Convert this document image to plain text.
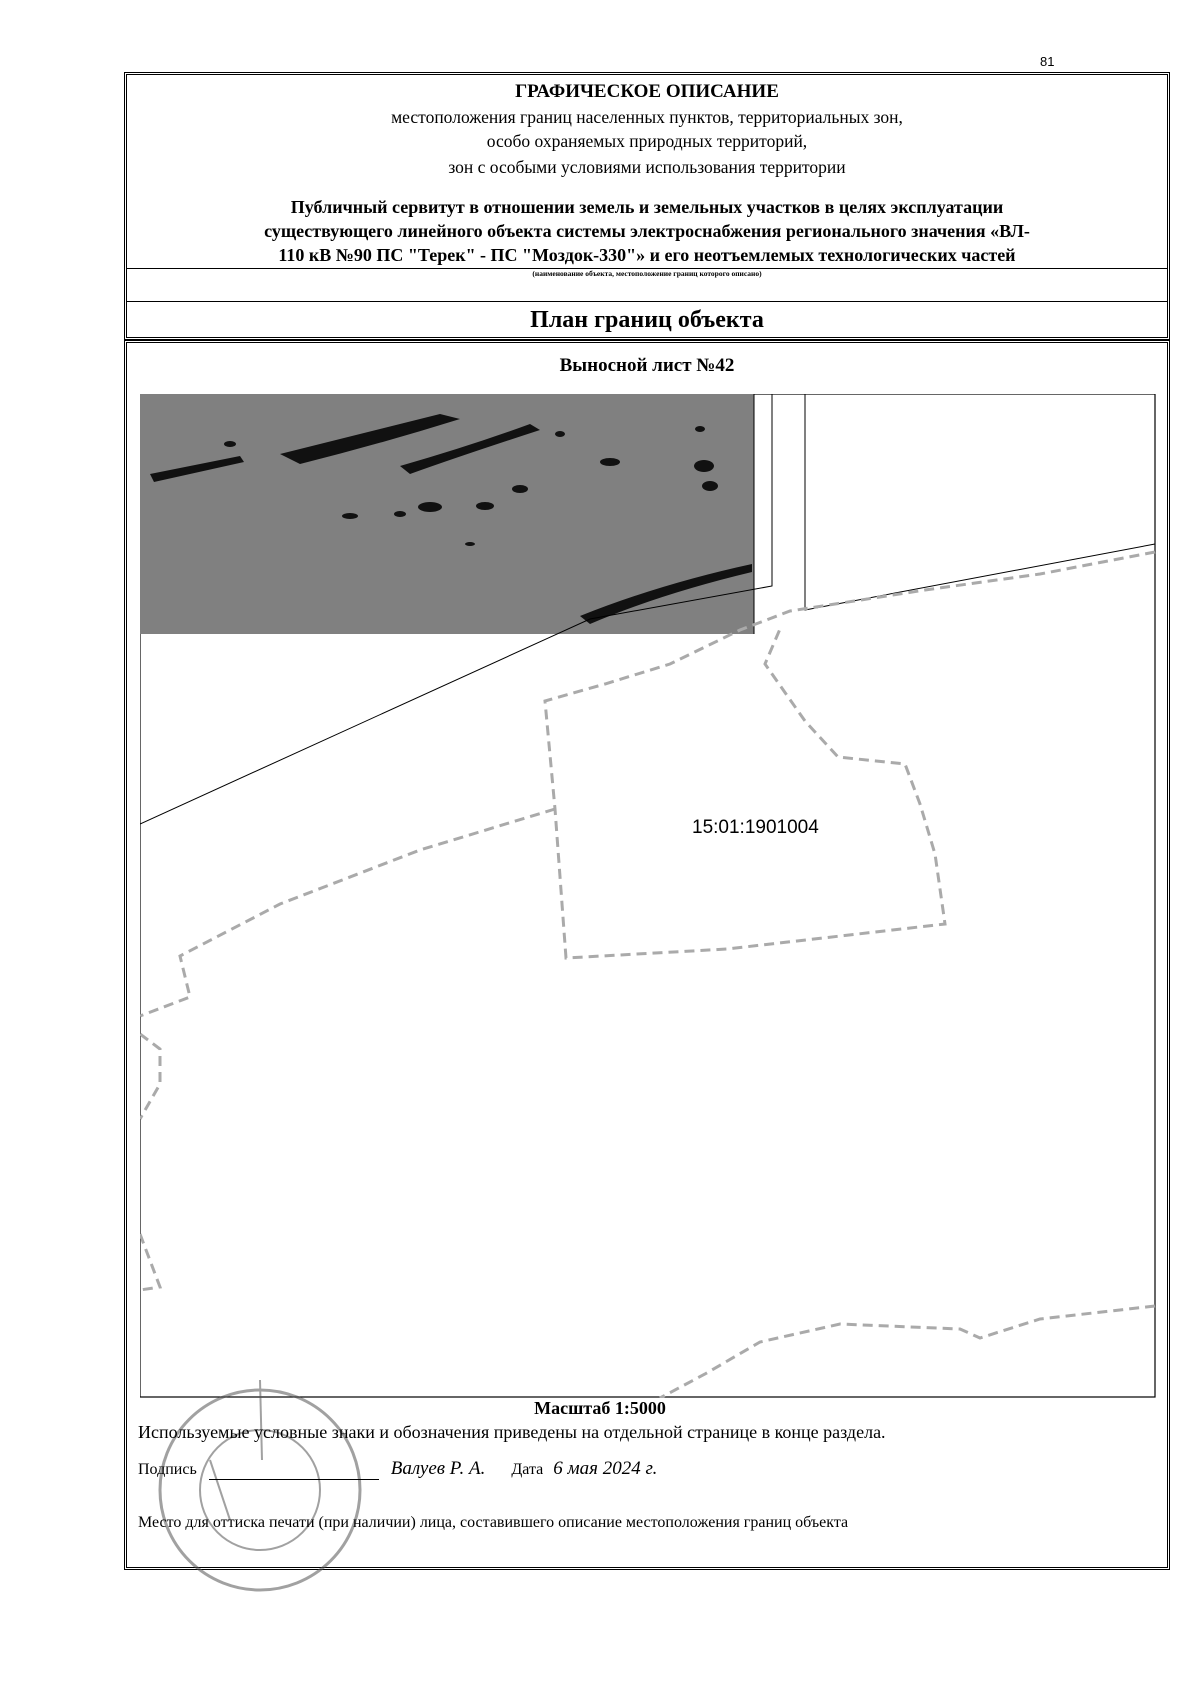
81
ГРАФИЧЕСКОЕ ОПИСАНИЕ
местоположения границ населенных пунктов, территориальных зон,
особо охраняемых природных территорий,
зон с особыми условиями использования территории
Публичный сервитут в отношении земель и земельных участков в целях эксплуатации
существующего линейного объекта системы электроснабжения регионального значения «ВЛ-
110 кВ №90 ПС "Терек" - ПС "Моздок-330"» и его неотъемлемых технологических частей
(наименование объекта, местоположение границ которого описано)
План границ объекта
Выносной лист №42
15:01:1901004
Масштаб 1:5000
Используемые условные знаки и обозначения приведены на отдельной странице в конце раздела.
Подпись	Валуев Р. А. Дата 6 мая 2024 г.
Место для оттиска печати (при наличии) лица, составившего описание местоположения границ объекта
